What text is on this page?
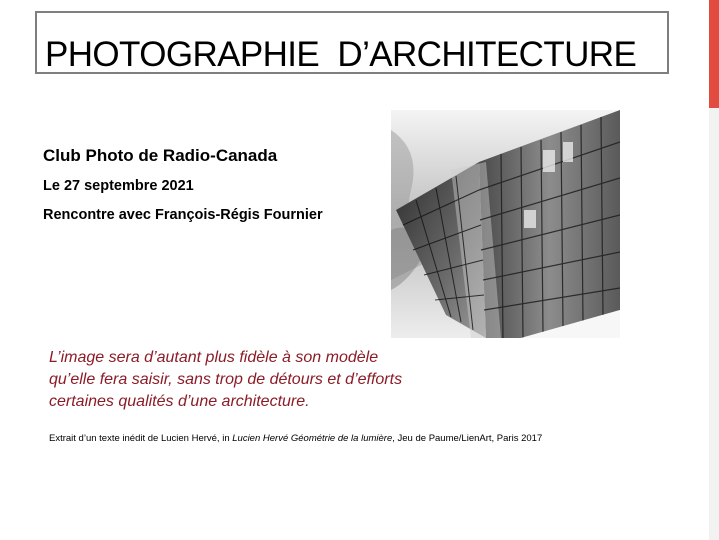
PHOTOGRAPHIE  D’ARCHITECTURE
Club Photo de Radio-Canada
Le 27 septembre 2021
Rencontre avec François-Régis Fournier
L’image sera d’autant plus fidèle à son modèle
qu’elle fera saisir, sans trop de détours et d’efforts
certaines qualités d’une architecture.
Extrait d’un texte inédit de Lucien Hervé, in Lucien Hervé Géométrie de la lumière, Jeu de Paume/LienArt, Paris 2017
